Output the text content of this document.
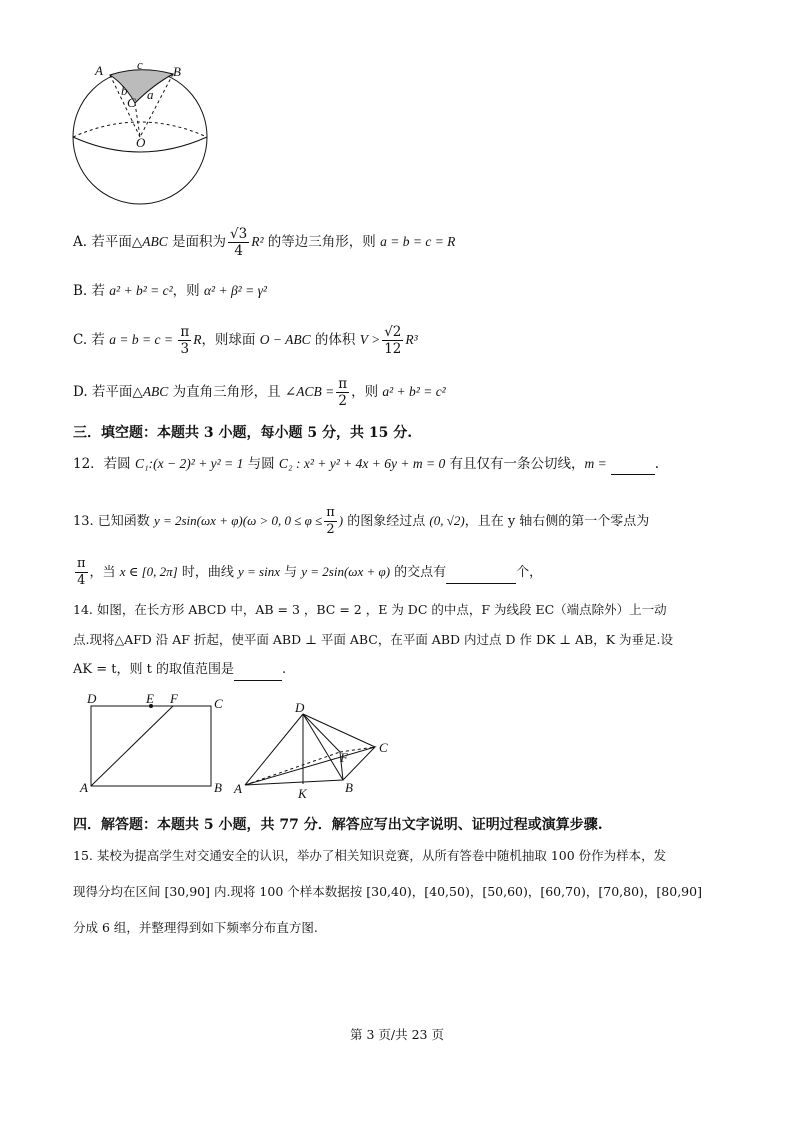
A	B
c
b a
C
O
A. 若平面△ABC 是面积为 $\frac{√3}{4} R^2$ 的等边三角形，则 a = b = c = R
B. 若 a² + b² = c²，则 α² + β² = γ²
C. 若 $a = b = c = \frac{\pi}{3}$ R，则球面 O − ABC 的体积 $V > \frac{√2}{12} R^3$
D. 若平面△ABC 为直角三角形，且 ∠ACB = $\frac{\pi}{2}$ ，则 a² + b² = c²
三．填空题：本题共 3 小题，每小题 5 分，共 15 分.
12．若圆 C₁:(x − 2)² + y² = 1 与圆 C₂ : x² + y² + 4x + 6y + m = 0 有且仅有一条公切线，m =	.
13. 已知函数 y = 2sin(ωx + φ)(ω > 0, $0 \le \varphi \le \frac{\pi}{2}$ ) 的图象经过点 (0, √2)，且在 y 轴右侧的第一个零点为
$\frac{\pi}{4}$ ，当 x ∈ [0, 2π] 时，曲线 y = sinx 与 y = 2sin(ωx + φ) 的交点有	个，
14. 如图，在长方形 ABCD 中，AB = 3 ，BC = 2 ，E 为 DC 的中点，F 为线段 EC（端点除外）上一动
点.现将△AFD 沿 AF 折起，使平面 ABD ⊥ 平面 ABC，在平面 ABD 内过点 D 作 DK ⊥ AB，K 为垂足.设
AK = t，则 t 的取值范围是	.
D	E F	C
A	B
D
F
C
A	K	B
四．解答题：本题共 5 小题，共 77 分．解答应写出文字说明、证明过程或演算步骤.
15. 某校为提高学生对交通安全的认识，举办了相关知识竞赛，从所有答卷中随机抽取 100 份作为样本，发
现得分均在区间 [30,90] 内.现将 100 个样本数据按 [30,40)，[40,50)，[50,60)，[60,70)，[70,80)，[80,90]
分成 6 组，并整理得到如下频率分布直方图.
第 3 页/共 23 页
